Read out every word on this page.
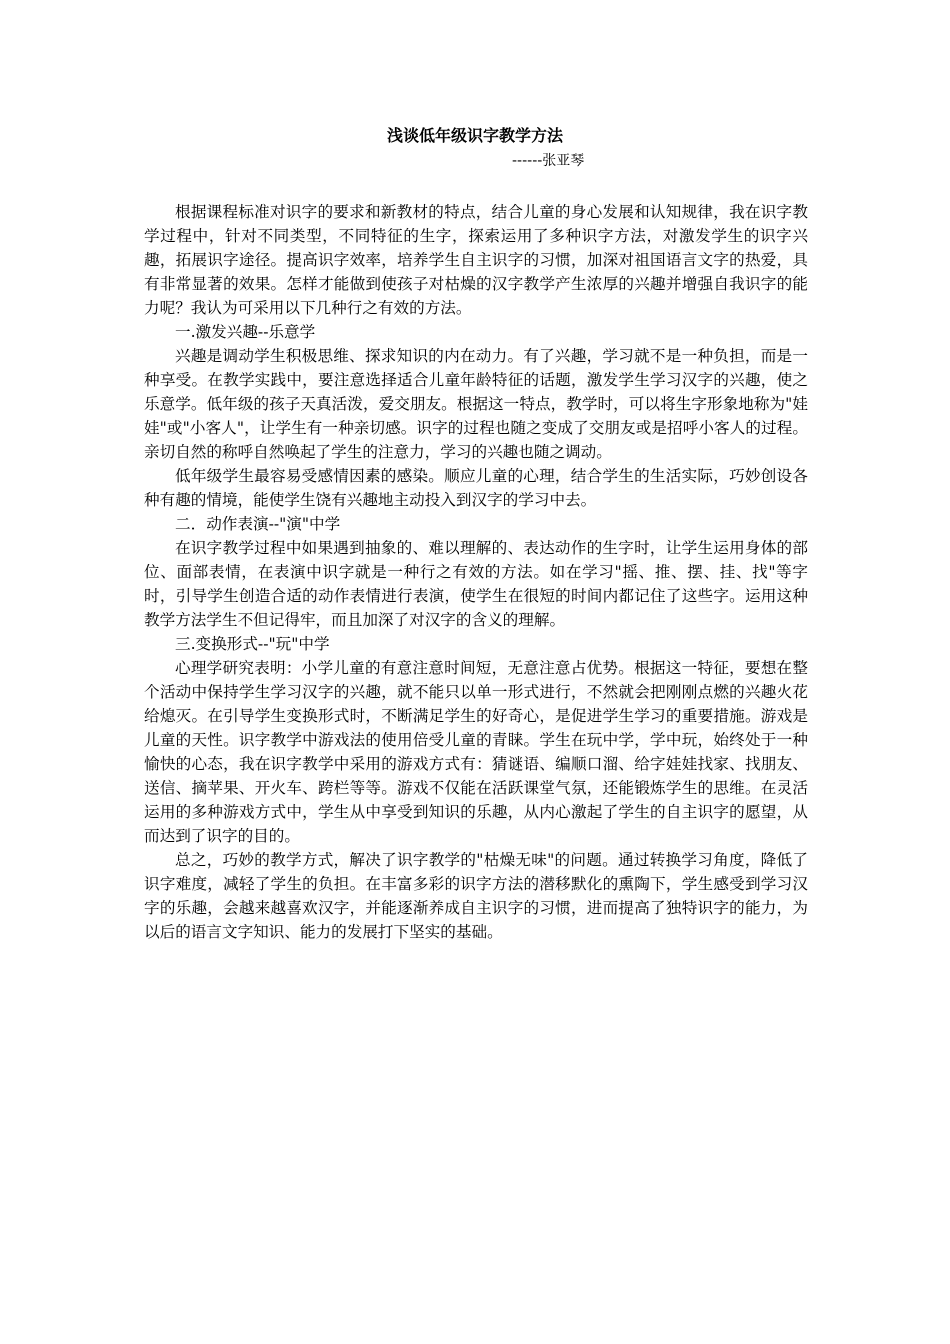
浅谈低年级识字教学方法
------张亚琴

根据课程标准对识字的要求和新教材的特点，结合儿童的身心发展和认知规律，我在识字教学过程中，针对不同类型，不同特征的生字，探索运用了多种识字方法，对激发学生的识字兴趣，拓展识字途径。提高识字效率，培养学生自主识字的习惯，加深对祖国语言文字的热爱，具有非常显著的效果。怎样才能做到使孩子对枯燥的汉字教学产生浓厚的兴趣并增强自我识字的能力呢？我认为可采用以下几种行之有效的方法。

一.激发兴趣--乐意学

兴趣是调动学生积极思维、探求知识的内在动力。有了兴趣，学习就不是一种负担，而是一种享受。在教学实践中，要注意选择适合儿童年龄特征的话题，激发学生学习汉字的兴趣，使之乐意学。低年级的孩子天真活泼，爱交朋友。根据这一特点，教学时，可以将生字形象地称为"娃娃"或"小客人"，让学生有一种亲切感。识字的过程也随之变成了交朋友或是招呼小客人的过程。亲切自然的称呼自然唤起了学生的注意力，学习的兴趣也随之调动。

低年级学生最容易受感情因素的感染。顺应儿童的心理，结合学生的生活实际，巧妙创设各种有趣的情境，能使学生饶有兴趣地主动投入到汉字的学习中去。

二．动作表演--"演"中学

在识字教学过程中如果遇到抽象的、难以理解的、表达动作的生字时，让学生运用身体的部位、面部表情，在表演中识字就是一种行之有效的方法。如在学习"摇、推、摆、挂、找"等字时，引导学生创造合适的动作表情进行表演，使学生在很短的时间内都记住了这些字。运用这种教学方法学生不但记得牢，而且加深了对汉字的含义的理解。

三.变换形式--"玩"中学

心理学研究表明：小学儿童的有意注意时间短，无意注意占优势。根据这一特征，要想在整个活动中保持学生学习汉字的兴趣，就不能只以单一形式进行，不然就会把刚刚点燃的兴趣火花给熄灭。在引导学生变换形式时，不断满足学生的好奇心，是促进学生学习的重要措施。游戏是儿童的天性。识字教学中游戏法的使用倍受儿童的青睐。学生在玩中学，学中玩，始终处于一种愉快的心态，我在识字教学中采用的游戏方式有：猜谜语、编顺口溜、给字娃娃找家、找朋友、送信、摘苹果、开火车、跨栏等等。游戏不仅能在活跃课堂气氛，还能锻炼学生的思维。在灵活运用的多种游戏方式中，学生从中享受到知识的乐趣，从内心激起了学生的自主识字的愿望，从而达到了识字的目的。

总之，巧妙的教学方式，解决了识字教学的"枯燥无味"的问题。通过转换学习角度，降低了识字难度，减轻了学生的负担。在丰富多彩的识字方法的潜移默化的熏陶下，学生感受到学习汉字的乐趣，会越来越喜欢汉字，并能逐渐养成自主识字的习惯，进而提高了独特识字的能力，为以后的语言文字知识、能力的发展打下坚实的基础。
